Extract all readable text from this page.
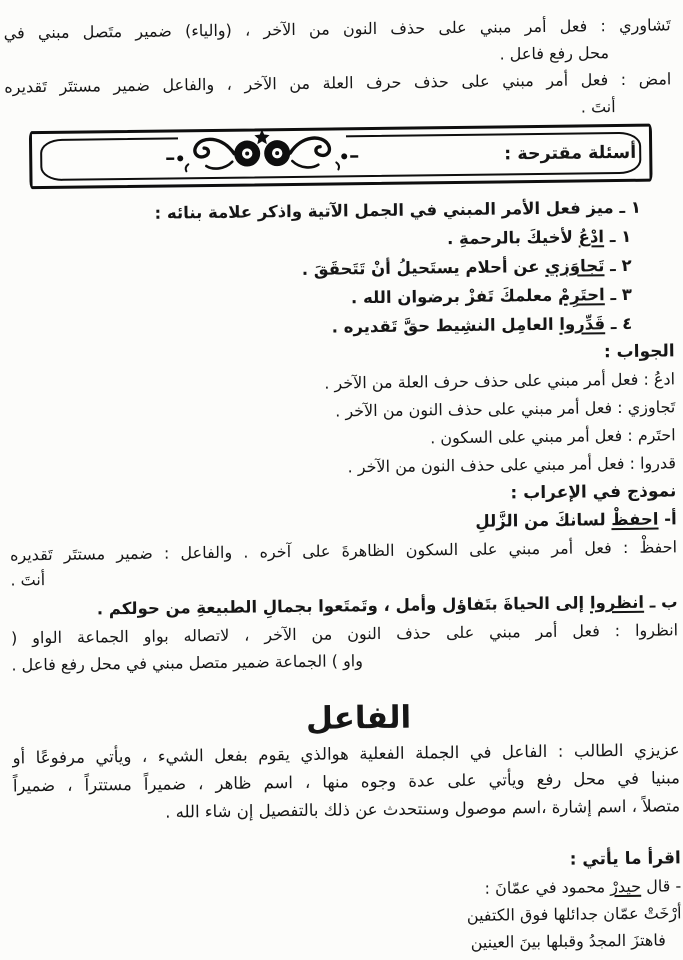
تَشاوري : فعل أمر مبني على حذف النون من الآخر ، (والياء) ضمير متَصل مبني في
محل رفع فاعل .
امض : فعل أمر مبني على حذف حرف العلة من الآخر ، والفاعل ضمير مستتَر تَقديره
أنتَ .
أسئلة مقترحة :
١ ـ ميز فعل الأمر المبني في الجمل الآتية واذكر علامة بنائه :
١ ـ ادْعُ لأخيكَ بالرحمةِ .
٢ ـ تَجاوَزي عن أحلام يستَحيلُ أنْ تَتَحقَقَ .
٣ ـ احتَرِمْ معلمكَ تَفزْ برضوان الله .
٤ ـ قَدِّروا العامِل النشِيط حقَّ تَقديره .
الجواب :
ادعُ : فعل أمر مبني على حذف حرف العلة من الآخر .
تَجاوزي : فعل أمر مبني على حذف النون من الآخر .
احتَرم : فعل أمر مبني على السكون .
قدروا : فعل أمر مبني على حذف النون من الآخر .
نموذج في الإعراب :
أ- احفظْ لسانكَ من الزَّللِ
احفظْ : فعل أمر مبني على السكون الظاهرةَ على آخره . والفاعل : ضمير مستتَر تَقديره
أنتَ .
ب ـ انظروا إلى الحياةَ بتَفاؤل وأمل ، وتَمتَعوا بجمالِ الطبيعةِ من حولكم .
انظروا : فعل أمر مبني على حذف النون من الآخر ، لاتصاله بواو الجماعة الواو (
واو ) الجماعة ضمير متصل مبني في محل رفع فاعل .
الفاعل

عزيزي الطالب : الفاعل في الجملة الفعلية هوالذي يقوم بفعل الشيء ، ويأتي مرفوعًا أو

مبنيا في محل رفع ويأتي على عدة وجوه منها ، اسم ظاهر ، ضميراً مستتراً ، ضميراً

متصلاً ، اسم إشارة ،اسم موصول وسنتحدث عن ذلك بالتفصيل إن شاء الله .

اقرأ ما يأتي :
- قال حيدرْ محمود في عمّانَ :
أرْخَتْ عمّان جدائلها فوق الكتفين
فاهتزَ المجدُ وقبلها بينَ العينين
